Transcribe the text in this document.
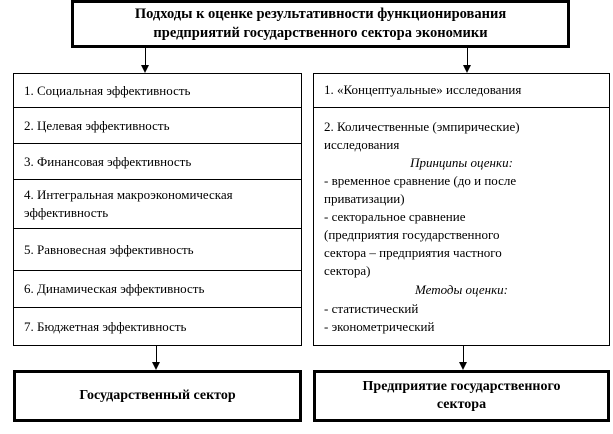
Подходы к оценке результативности функционирования
предприятий государственного сектора экономики
1. Социальная эффективность
2. Целевая эффективность
3. Финансовая эффективность
4. Интегральная макроэкономическая
эффективность
5. Равновесная эффективность
6. Динамическая эффективность
7. Бюджетная эффективность
1. «Концептуальные» исследования
2. Количественные (эмпирические)
исследования
Принципы оценки:
- временное сравнение (до и после
приватизации)
- секторальное сравнение
(предприятия государственного
сектора – предприятия частного
сектора)
Методы оценки:
- статистический
- эконометрический
Государственный сектор
Предприятие государственного
сектора
